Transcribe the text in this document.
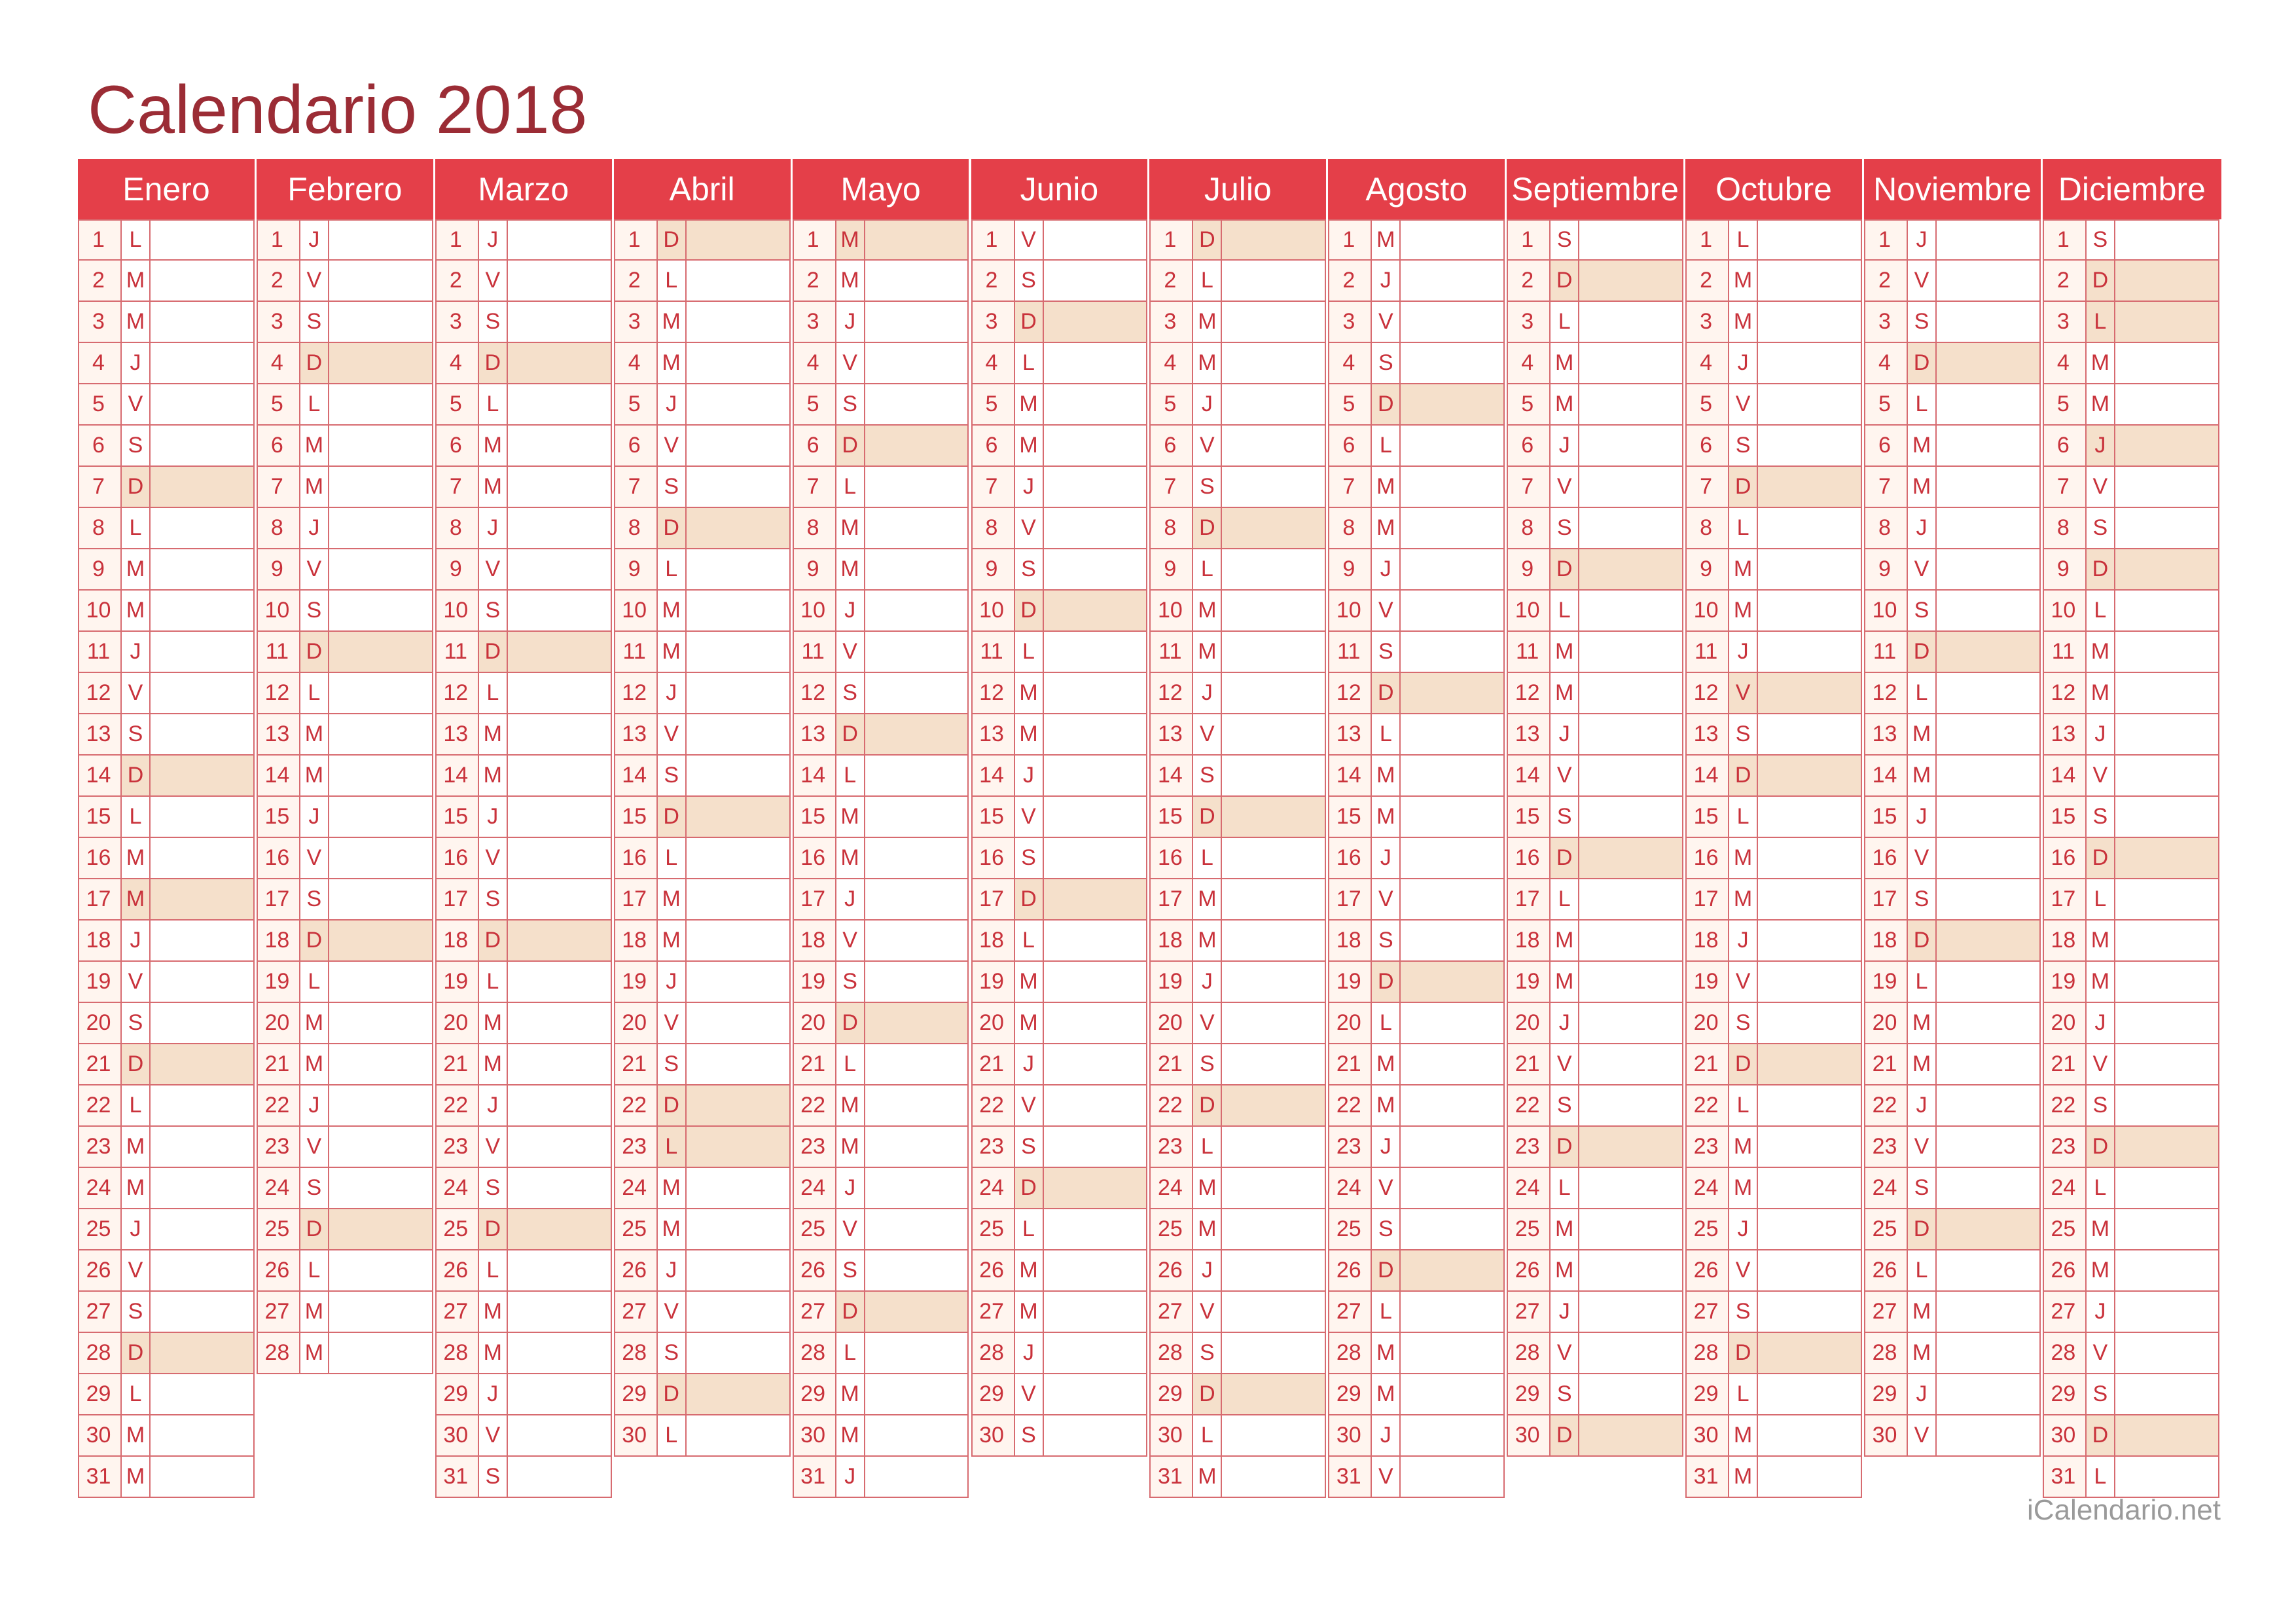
Calendario 2018
Enero
1	L
2 M
3 M
4	J
5	V
6	S
7	D
8	L
9 M
10 M
11 J
12 V
13 S
14 D
15 L
16 M
17 M
18 J
19 V
20 S
21 D
22 L
23 M
24 M
25 J
26 V
27 S
28 D
29 L
30 M
31 M
Febrero
1	J
2	V
3	S
4	D
5	L
6 M
7 M
8	J
9	V
10 S
11 D
12 L
13 M
14 M
15 J
16 V
17 S
18 D
19 L
20 M
21 M
22 J
23 V
24 S
25 D
26 L
27 M
28 M
Marzo
1	J
2	V
3	S
4	D
5	L
6 M
7 M
8	J
9	V
10 S
11 D
12 L
13 M
14 M
15 J
16 V
17 S
18 D
19 L
20 M
21 M
22 J
23 V
24 S
25 D
26 L
27 M
28 M
29 J
30 V
31 S
Abril
1	D
2	L
3 M
4 M
5	J
6	V
7	S
8	D
9	L
10 M
11 M
12 J
13 V
14 S
15 D
16 L
17 M
18 M
19 J
20 V
21 S
22 D
23 L
24 M
25 M
26 J
27 V
28 S
29 D
30 L
Mayo
1 M
2 M
3	J
4	V
5	S
6	D
7	L
8 M
9 M
10 J
11 V
12 S
13 D
14 L
15 M
16 M
17 J
18 V
19 S
20 D
21 L
22 M
23 M
24 J
25 V
26 S
27 D
28 L
29 M
30 M
31 J
Junio
1	V
2	S
3	D
4	L
5 M
6 M
7	J
8	V
9	S
10 D
11 L
12 M
13 M
14 J
15 V
16 S
17 D
18 L
19 M
20 M
21 J
22 V
23 S
24 D
25 L
26 M
27 M
28 J
29 V
30 S
Julio
1	D
2	L
3 M
4 M
5	J
6	V
7	S
8	D
9	L
10 M
11 M
12 J
13 V
14 S
15 D
16 L
17 M
18 M
19 J
20 V
21 S
22 D
23 L
24 M
25 M
26 J
27 V
28 S
29 D
30 L
31 M
Agosto
1 M
2	J
3	V
4	S
5	D
6	L
7 M
8 M
9	J
10 V
11 S
12 D
13 L
14 M
15 M
16 J
17 V
18 S
19 D
20 L
21 M
22 M
23 J
24 V
25 S
26 D
27 L
28 M
29 M
30 J
31 V
Septiembre
1	S
2	D
3	L
4 M
5 M
6	J
7	V
8	S
9	D
10 L
11 M
12 M
13 J
14 V
15 S
16 D
17 L
18 M
19 M
20 J
21 V
22 S
23 D
24 L
25 M
26 M
27 J
28 V
29 S
30 D
Octubre
1	L
2 M
3 M
4	J
5	V
6	S
7	D
8	L
9 M
10 M
11 J
12 V
13 S
14 D
15 L
16 M
17 M
18 J
19 V
20 S
21 D
22 L
23 M
24 M
25 J
26 V
27 S
28 D
29 L
30 M
31 M
Noviembre
1	J
2	V
3	S
4	D
5	L
6 M
7 M
8	J
9	V
10 S
11 D
12 L
13 M
14 M
15 J
16 V
17 S
18 D
19 L
20 M
21 M
22 J
23 V
24 S
25 D
26 L
27 M
28 M
29 J
30 V
Diciembre
1	S
2	D
3	L
4 M
5 M
6	J
7	V
8	S
9	D
10 L
11 M
12 M
13 J
14 V
15 S
16 D
17 L
18 M
19 M
20 J
21 V
22 S
23 D
24 L
25 M
26 M
27 J
28 V
29 S
30 D
31 L
iCalendario.net
